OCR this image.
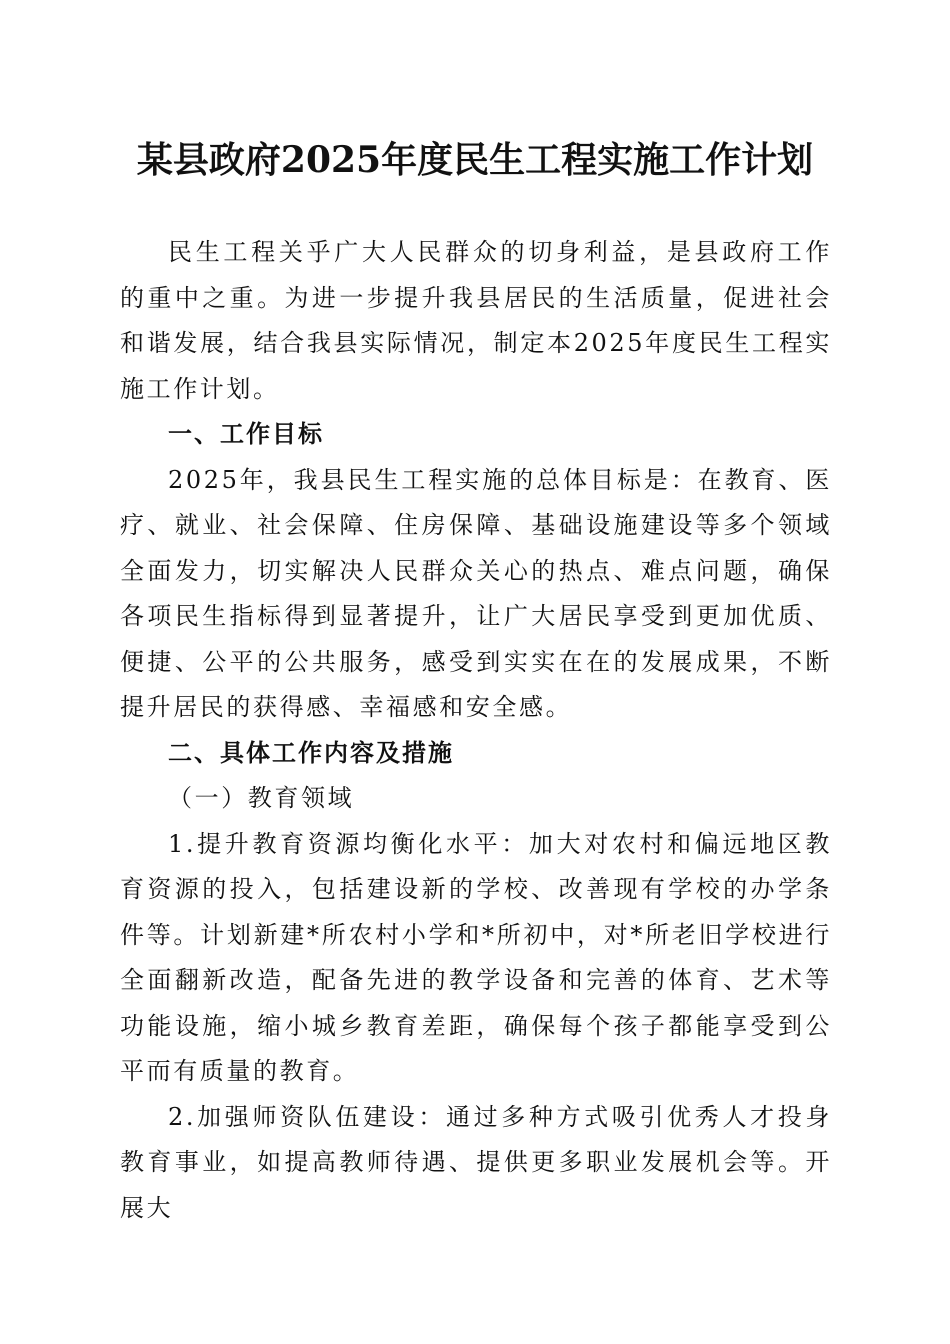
某县政府2025年度民生工程实施工作计划

民生工程关乎广大人民群众的切身利益，是县政府工作的重中之重。为进一步提升我县居民的生活质量，促进社会和谐发展，结合我县实际情况，制定本2025年度民生工程实施工作计划。

一、工作目标

2025年，我县民生工程实施的总体目标是：在教育、医疗、就业、社会保障、住房保障、基础设施建设等多个领域全面发力，切实解决人民群众关心的热点、难点问题，确保各项民生指标得到显著提升，让广大居民享受到更加优质、便捷、公平的公共服务，感受到实实在在的发展成果，不断提升居民的获得感、幸福感和安全感。

二、具体工作内容及措施

（一）教育领域

1.提升教育资源均衡化水平：加大对农村和偏远地区教育资源的投入，包括建设新的学校、改善现有学校的办学条件等。计划新建*所农村小学和*所初中，对*所老旧学校进行全面翻新改造，配备先进的教学设备和完善的体育、艺术等功能设施，缩小城乡教育差距，确保每个孩子都能享受到公平而有质量的教育。

2.加强师资队伍建设：通过多种方式吸引优秀人才投身教育事业，如提高教师待遇、提供更多职业发展机会等。开展大
